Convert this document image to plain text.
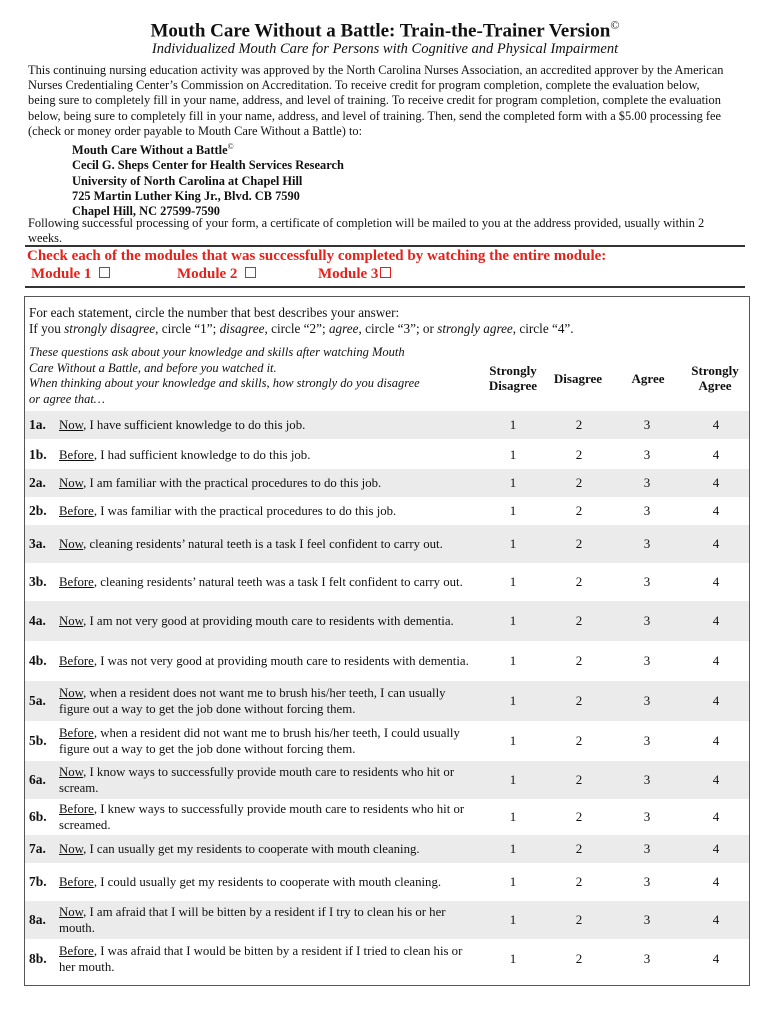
Mouth Care Without a Battle: Train-the-Trainer Version©
Individualized Mouth Care for Persons with Cognitive and Physical Impairment
This continuing nursing education activity was approved by the North Carolina Nurses Association, an accredited approver by the American
Nurses Credentialing Center’s Commission on Accreditation. To receive credit for program completion, complete the evaluation below,
being sure to completely fill in your name, address, and level of training. To receive credit for program completion, complete the evaluation
below, being sure to completely fill in your name, address, and level of training. Then, send the completed form with a $5.00 processing fee
(check or money order payable to Mouth Care Without a Battle) to:
Mouth Care Without a Battle©
Cecil G. Sheps Center for Health Services Research
University of North Carolina at Chapel Hill
725 Martin Luther King Jr., Blvd. CB 7590
Chapel Hill, NC 27599-7590
Following successful processing of your form, a certificate of completion will be mailed to you at the address provided, usually within 2
weeks.
Check each of the modules that was successfully completed by watching the entire module:
Module 1	Module 2	Module 3
For each statement, circle the number that best describes your answer:
If you strongly disagree, circle “1”; disagree, circle “2”; agree, circle “3”; or strongly agree, circle “4”.
These questions ask about your knowledge and skills after watching Mouth
Care Without a Battle, and before you watched it.
When thinking about your knowledge and skills, how strongly do you disagree
or agree that…
Strongly
Disagree	Disagree	Agree
Strongly
Agree
1a.	Now, I have sufficient knowledge to do this job.	1	2	3	4
1b. Before, I had sufficient knowledge to do this job.	1	2	3	4
2a.	Now, I am familiar with the practical procedures to do this job.	1	2	3	4
2b. Before, I was familiar with the practical procedures to do this job.	1	2	3	4
3a.	Now, cleaning residents’ natural teeth is a task I feel confident to carry out.	1	2	3	4
3b. Before, cleaning residents’ natural teeth was a task I felt confident to carry out.	1	2	3	4
4a.	Now, I am not very good at providing mouth care to residents with dementia.	1	2	3	4
4b. Before, I was not very good at providing mouth care to residents with dementia.	1	2	3	4
5a.	Now, when a resident does not want me to brush his/her teeth, I can usually figure out a way to get the job done without forcing them.
1	2	3	4
5b. Before, when a resident did not want me to brush his/her teeth, I could usually figure out a way to get the job done without forcing them.
1	2	3	4
6a.	Now, I know ways to successfully provide mouth care to residents who hit or scream.
1	2	3	4
6b. Before, I knew ways to successfully provide mouth care to residents who hit or screamed.
1	2	3	4
7a.	Now, I can usually get my residents to cooperate with mouth cleaning.	1	2	3	4
7b. Before, I could usually get my residents to cooperate with mouth cleaning.	1	2	3	4
8a.	Now, I am afraid that I will be bitten by a resident if I try to clean his or her mouth.
1	2	3	4
8b. Before, I was afraid that I would be bitten by a resident if I tried to clean his or her mouth.
1	2	3	4
